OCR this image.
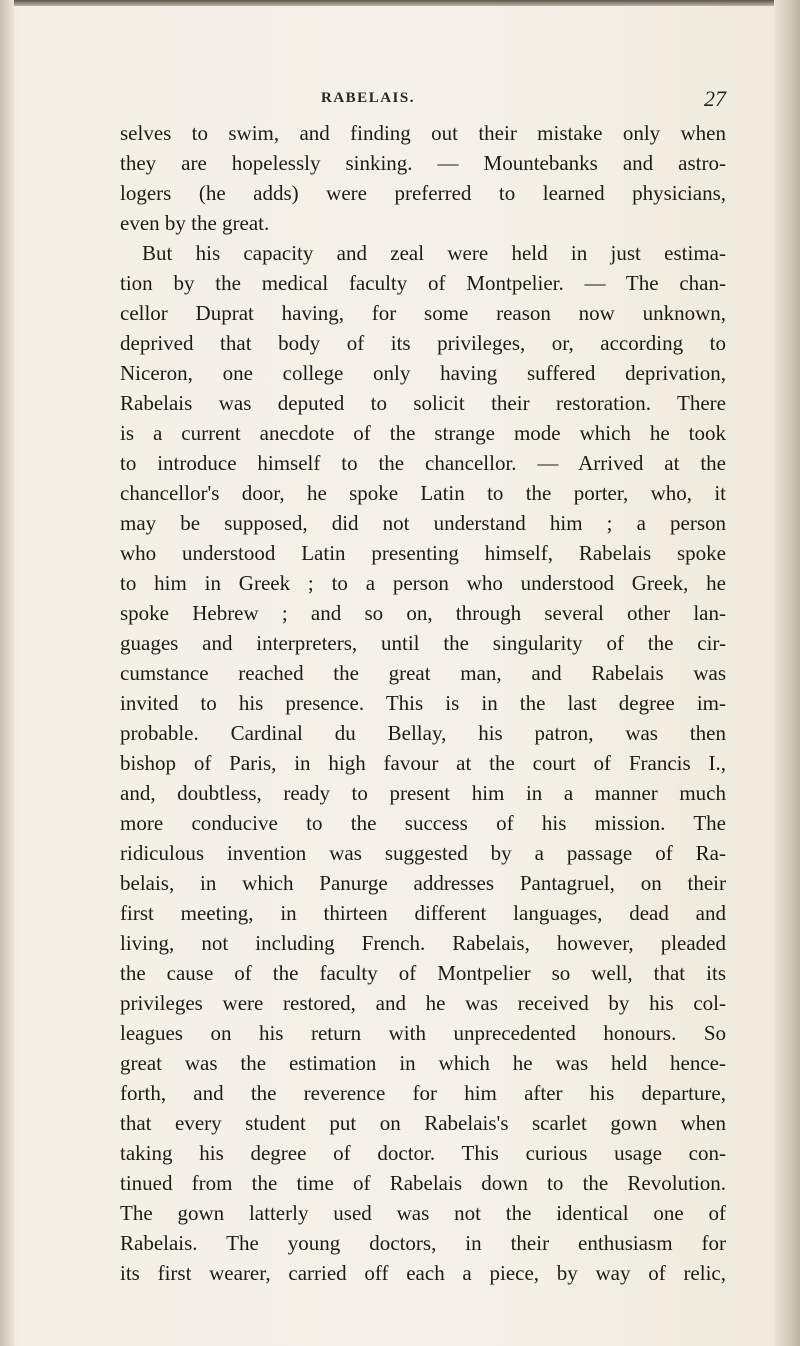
RABELAIS.	27
selves to swim, and finding out their mistake only when
they are hopelessly sinking. — Mountebanks and astro-
logers (he adds) were preferred to learned physicians,
even by the great.
But his capacity and zeal were held in just estima-
tion by the medical faculty of Montpelier. — The chan-
cellor Duprat having, for some reason now unknown,
deprived that body of its privileges, or, according to
Niceron, one college only having suffered deprivation,
Rabelais was deputed to solicit their restoration. There
is a current anecdote of the strange mode which he took
to introduce himself to the chancellor. — Arrived at the
chancellor's door, he spoke Latin to the porter, who, it
may be supposed, did not understand him ; a person
who understood Latin presenting himself, Rabelais spoke
to him in Greek ; to a person who understood Greek, he
spoke Hebrew ; and so on, through several other lan-
guages and interpreters, until the singularity of the cir-
cumstance reached the great man, and Rabelais was
invited to his presence. This is in the last degree im-
probable. Cardinal du Bellay, his patron, was then
bishop of Paris, in high favour at the court of Francis I.,
and, doubtless, ready to present him in a manner much
more conducive to the success of his mission. The
ridiculous invention was suggested by a passage of Ra-
belais, in which Panurge addresses Pantagruel, on their
first meeting, in thirteen different languages, dead and
living, not including French. Rabelais, however, pleaded
the cause of the faculty of Montpelier so well, that its
privileges were restored, and he was received by his col-
leagues on his return with unprecedented honours. So
great was the estimation in which he was held hence-
forth, and the reverence for him after his departure,
that every student put on Rabelais's scarlet gown when
taking his degree of doctor. This curious usage con-
tinued from the time of Rabelais down to the Revolution.
The gown latterly used was not the identical one of
Rabelais. The young doctors, in their enthusiasm for
its first wearer, carried off each a piece, by way of relic,
